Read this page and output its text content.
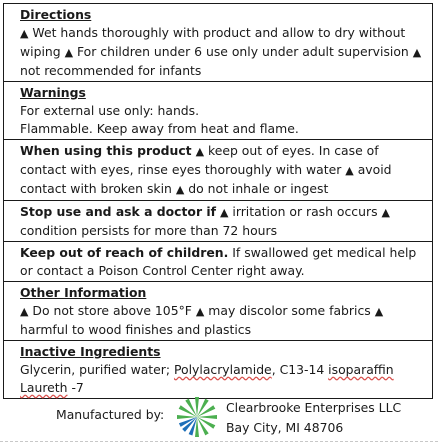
Directions
▲ Wet hands thoroughly with product and allow to dry without wiping ▲ For children under 6 use only under adult supervision ▲ not recommended for infants
Warnings
For external use only: hands.
Flammable. Keep away from heat and flame.
When using this product ▲ keep out of eyes. In case of contact with eyes, rinse eyes thoroughly with water ▲ avoid contact with broken skin ▲ do not inhale or ingest
Stop use and ask a doctor if ▲ irritation or rash occurs ▲ condition persists for more than 72 hours
Keep out of reach of children. If swallowed get medical help or contact a Poison Control Center right away.
Other Information
▲ Do not store above 105°F ▲ may discolor some fabrics ▲ harmful to wood finishes and plastics
Inactive Ingredients
Glycerin, purified water; Polylacrylamide, C13-14 isoparaffin Laureth -7
Manufactured by:	Clearbrooke Enterprises LLC
Bay City, MI 48706
